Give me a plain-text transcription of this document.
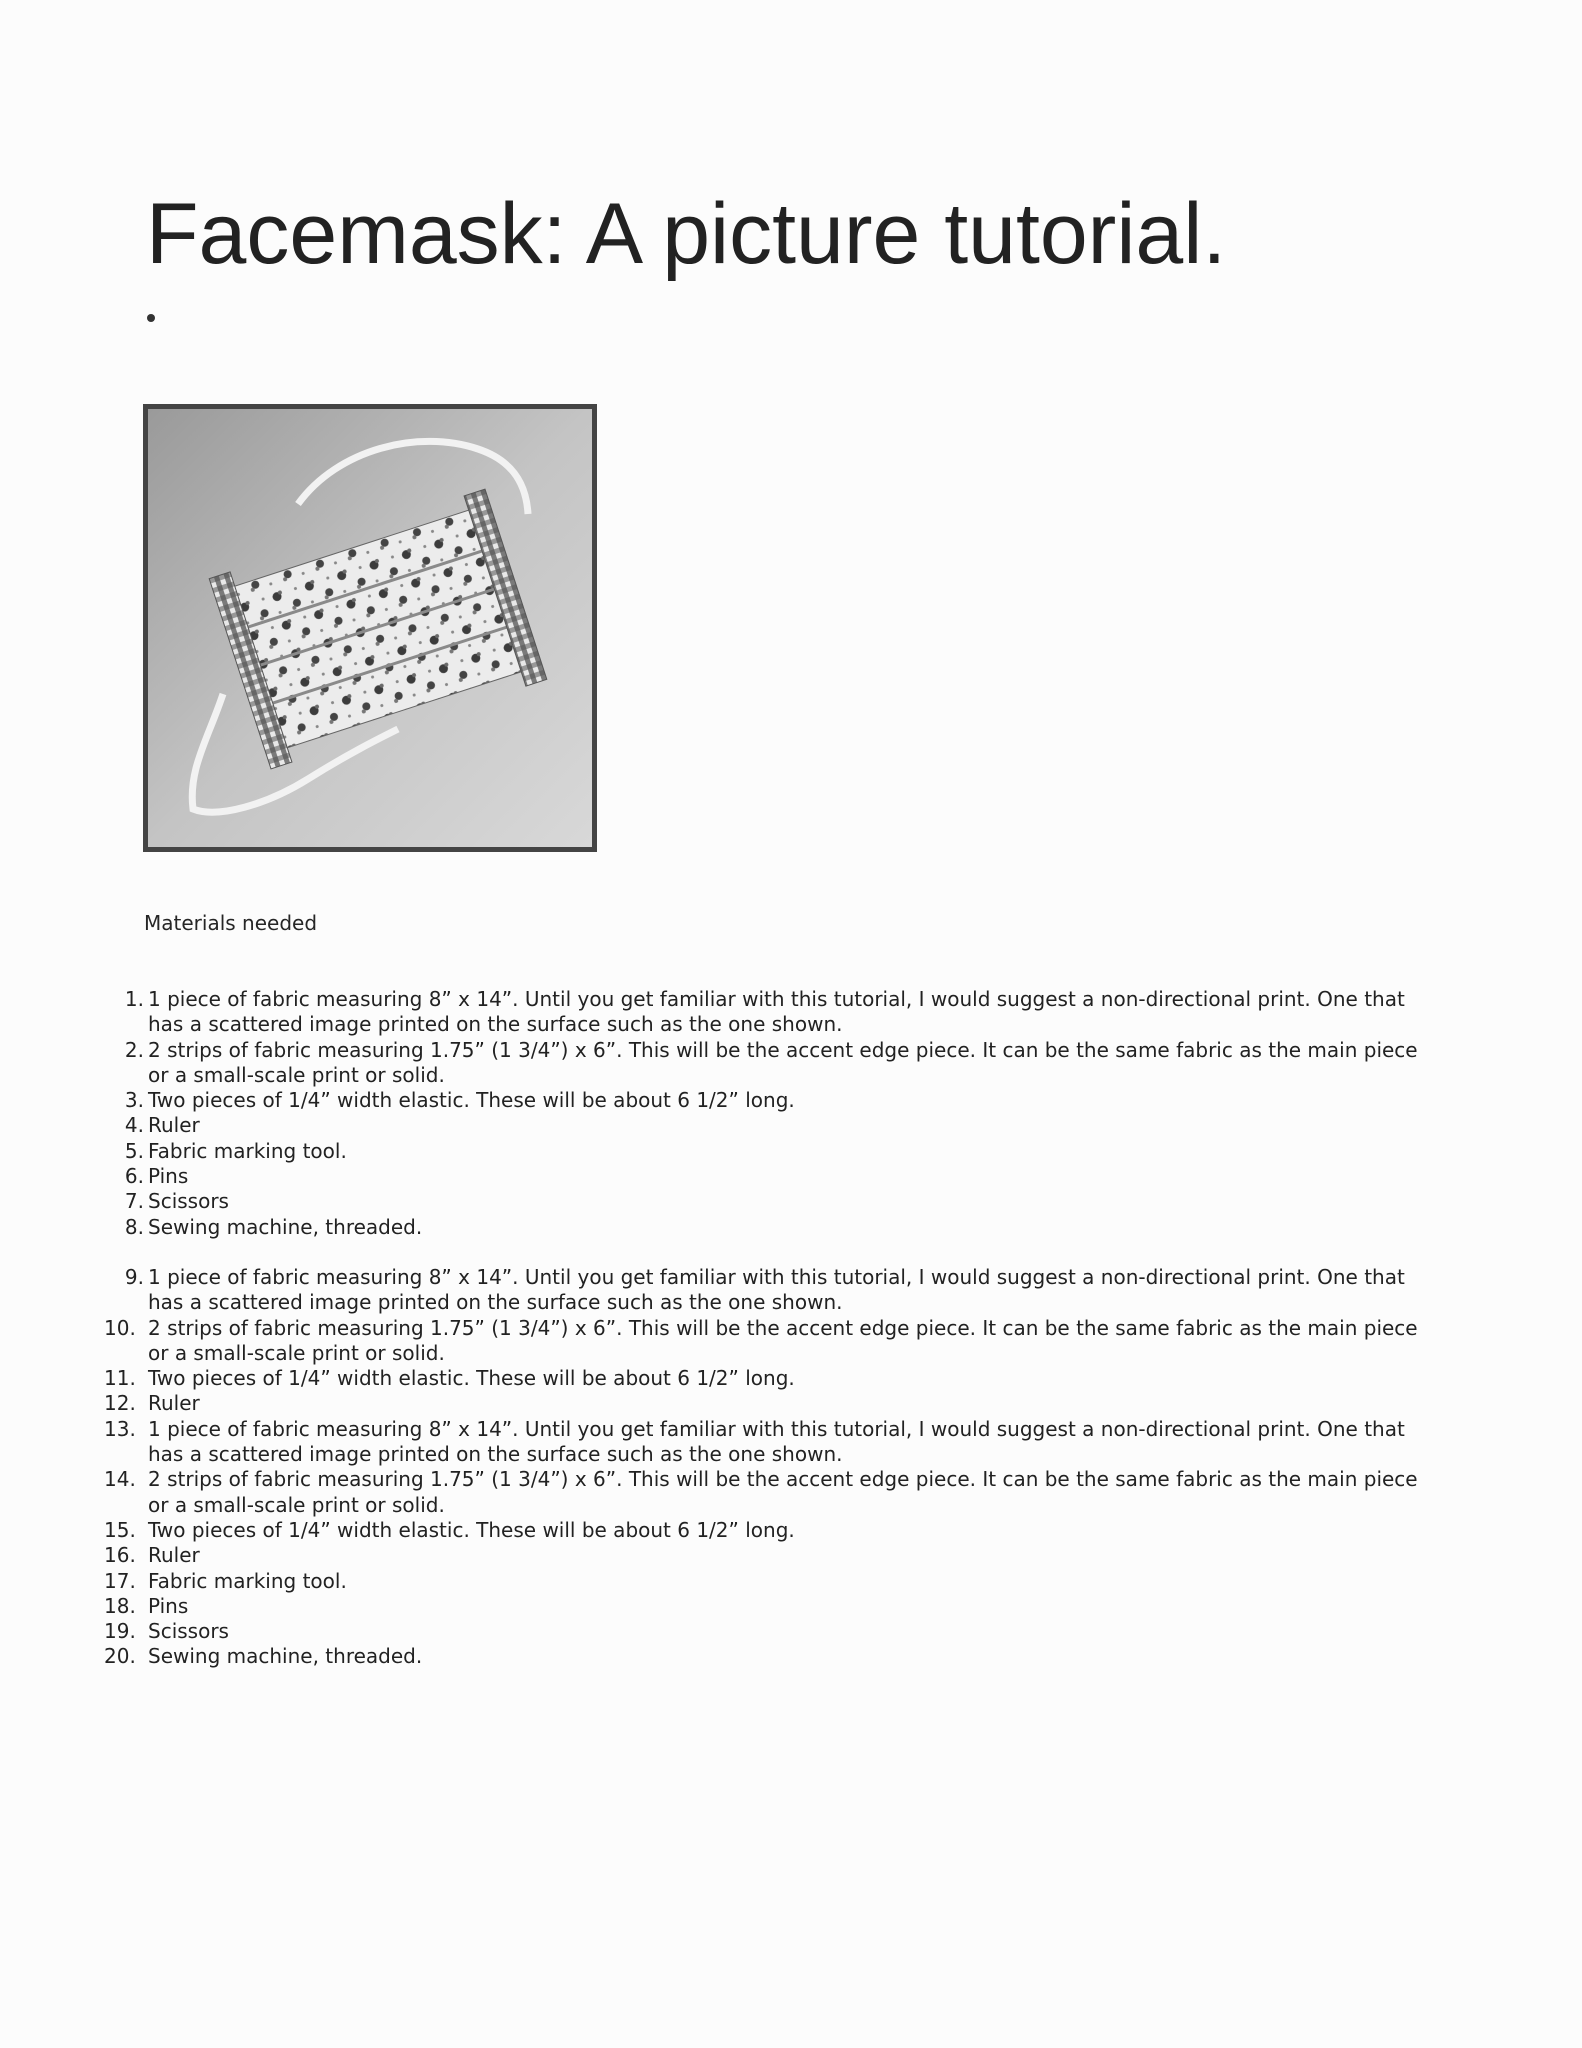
Facemask: A picture tutorial.
Materials needed
1. 1 piece of fabric measuring 8” x 14”. Until you get familiar with this tutorial, I would suggest a non-directional print. One that has a scattered image printed on the surface such as the one shown.
2. 2 strips of fabric measuring 1.75” (1 3/4”) x 6”. This will be the accent edge piece. It can be the same fabric as the main piece or a small-scale print or solid.
3. Two pieces of 1/4” width elastic. These will be about 6 1/2” long.
4. Ruler
5. Fabric marking tool.
6. Pins
7. Scissors
8. Sewing machine, threaded.
9. 1 piece of fabric measuring 8” x 14”. Until you get familiar with this tutorial, I would suggest a non-directional print. One that has a scattered image printed on the surface such as the one shown.
10. 2 strips of fabric measuring 1.75” (1 3/4”) x 6”. This will be the accent edge piece. It can be the same fabric as the main piece or a small-scale print or solid.
11. Two pieces of 1/4” width elastic. These will be about 6 1/2” long.
12. Ruler
13. 1 piece of fabric measuring 8” x 14”. Until you get familiar with this tutorial, I would suggest a non-directional print. One that has a scattered image printed on the surface such as the one shown.
14. 2 strips of fabric measuring 1.75” (1 3/4”) x 6”. This will be the accent edge piece. It can be the same fabric as the main piece or a small-scale print or solid.
15. Two pieces of 1/4” width elastic. These will be about 6 1/2” long.
16. Ruler
17. Fabric marking tool.
18. Pins
19. Scissors
20. Sewing machine, threaded.
